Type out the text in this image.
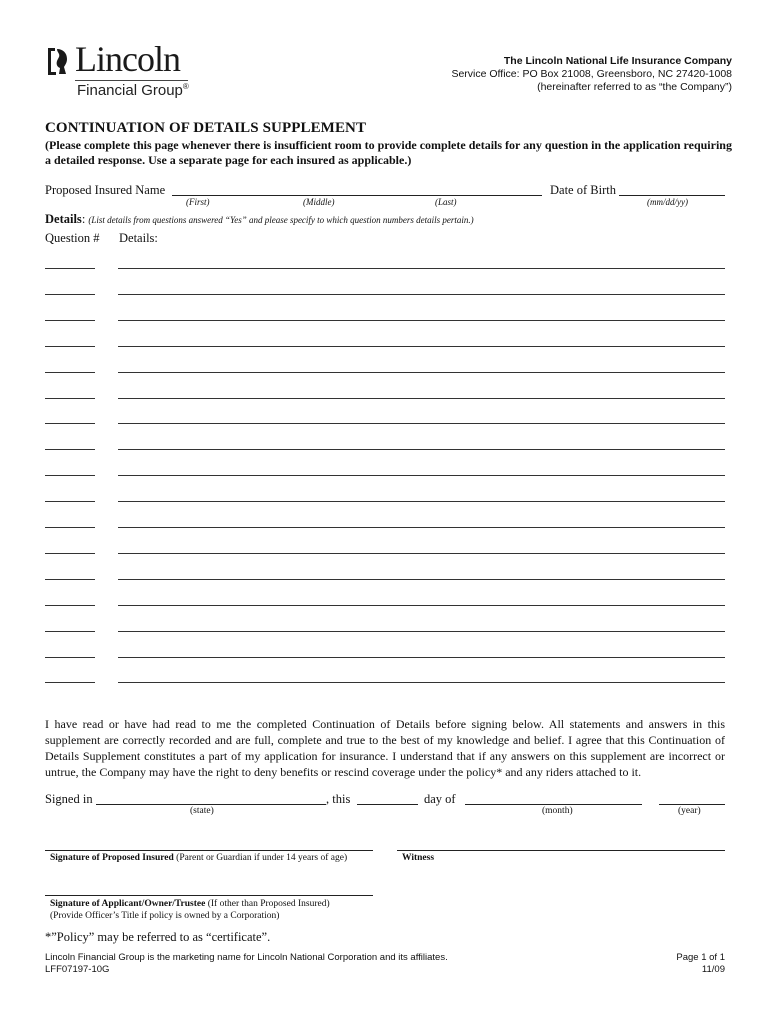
Lincoln
Financial Group®
The Lincoln National Life Insurance Company
Service Office: PO Box 21008, Greensboro, NC 27420-1008
(hereinafter referred to as “the Company”)
CONTINUATION OF DETAILS SUPPLEMENT
(Please complete this page whenever there is insufficient room to provide complete details for any question in the application requiring a detailed response. Use a separate page for each insured as applicable.)
Proposed Insured Name
(First)	(Middle)	(Last)
Date of Birth
(mm/dd/yy)
Details: (List details from questions answered “Yes” and please specify to which question numbers details pertain.)
Question # Details:
I have read or have had read to me the completed Continuation of Details before signing below. All statements and answers in this supplement are correctly recorded and are full, complete and true to the best of my knowledge and belief. I agree that this Continuation of Details Supplement constitutes a part of my application for insurance. I understand that if any answers on this supplement are incorrect or untrue, the Company may have the right to deny benefits or rescind coverage under the policy* and any riders attached to it.
Signed in	, this	day of
(state)	(month)	(year)
Signature of Proposed Insured (Parent or Guardian if under 14 years of age)	Witness
Signature of Applicant/Owner/Trustee (If other than Proposed Insured)
(Provide Officer’s Title if policy is owned by a Corporation)
*”Policy” may be referred to as “certificate”.
Lincoln Financial Group is the marketing name for Lincoln National Corporation and its affiliates.
LFF07197-10G
Page 1 of 1
11/09
